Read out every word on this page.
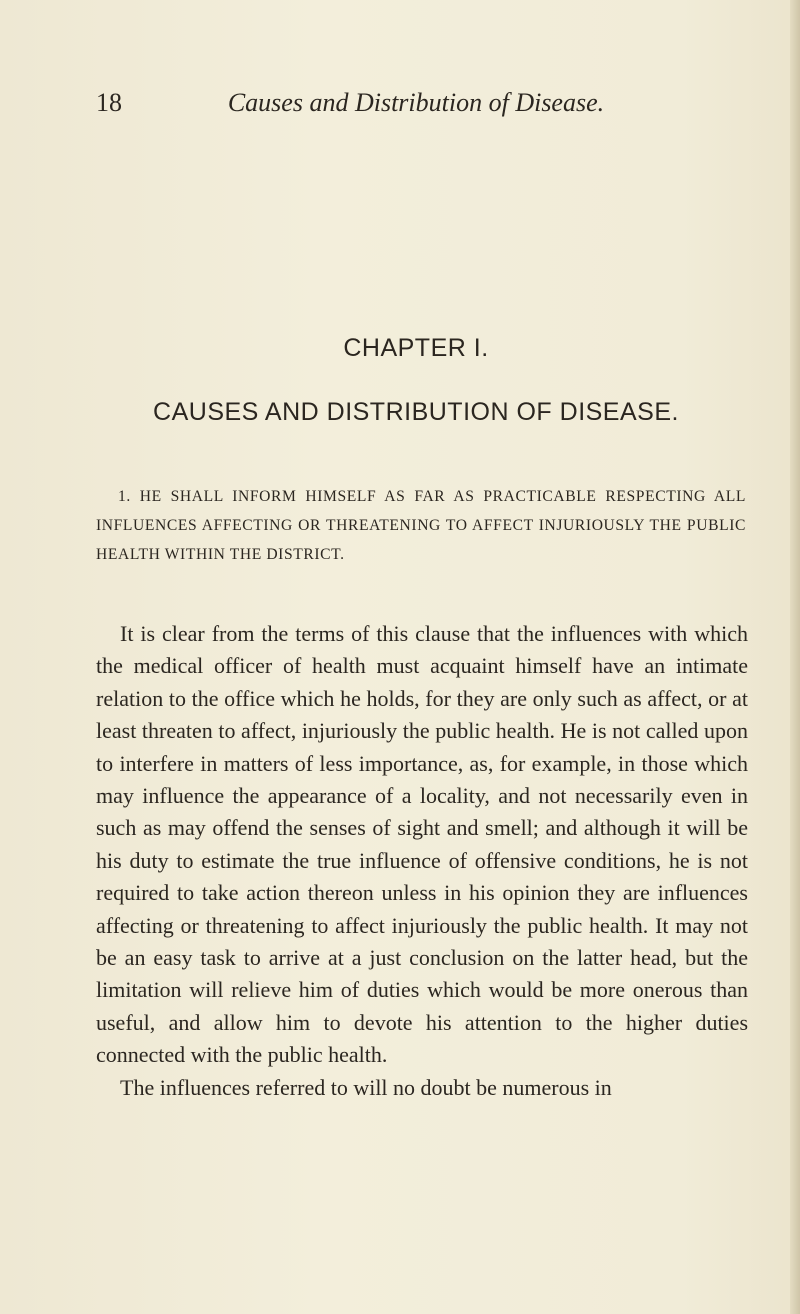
18	Causes and Distribution of Disease.
CHAPTER I.
CAUSES AND DISTRIBUTION OF DISEASE.
1. HE SHALL INFORM HIMSELF AS FAR AS PRACTICABLE RESPECTING ALL INFLUENCES AFFECTING OR THREATENING TO AFFECT INJURIOUSLY THE PUBLIC HEALTH WITHIN THE DISTRICT.

It is clear from the terms of this clause that the influences with which the medical officer of health must acquaint himself have an intimate relation to the office which he holds, for they are only such as affect, or at least threaten to affect, injuriously the public health. He is not called upon to interfere in matters of less importance, as, for example, in those which may influence the appearance of a locality, and not necessarily even in such as may offend the senses of sight and smell; and although it will be his duty to estimate the true influence of offensive conditions, he is not required to take action thereon unless in his opinion they are influences affecting or threatening to affect injuriously the public health. It may not be an easy task to arrive at a just conclusion on the latter head, but the limitation will relieve him of duties which would be more onerous than useful, and allow him to devote his attention to the higher duties connected with the public health.

The influences referred to will no doubt be numerous in
